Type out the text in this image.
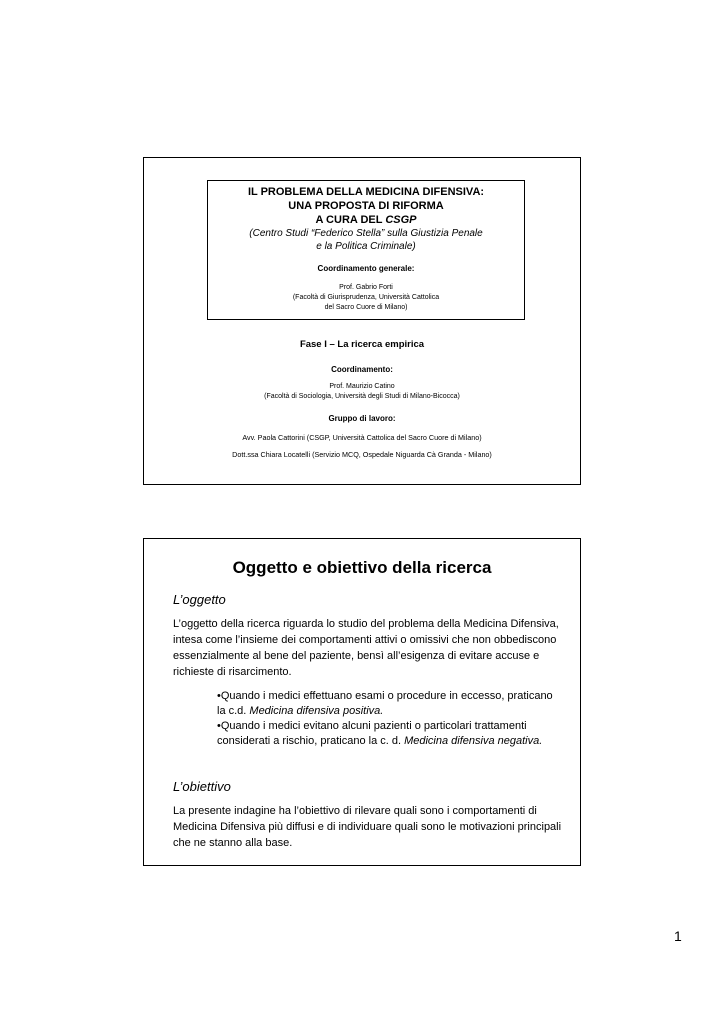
IL PROBLEMA DELLA MEDICINA DIFENSIVA:
UNA PROPOSTA DI RIFORMA
A CURA DEL CSGP
(Centro Studi “Federico Stella” sulla Giustizia Penale
e la Politica Criminale)
Coordinamento generale:
Prof. Gabrio Forti
(Facoltà di Giurisprudenza, Università Cattolica
del Sacro Cuore di Milano)
Fase I – La ricerca empirica
Coordinamento:
Prof. Maurizio Catino
(Facoltà di Sociologia, Università degli Studi di Milano-Bicocca)
Gruppo di lavoro:
Avv. Paola Cattorini (CSGP, Università Cattolica del Sacro Cuore di Milano)
Dott.ssa Chiara Locatelli (Servizio MCQ, Ospedale Niguarda Cà Granda - Milano)
Oggetto e obiettivo della ricerca
L’oggetto
L’oggetto della ricerca riguarda lo studio del problema della Medicina Difensiva, intesa come l’insieme dei comportamenti attivi o omissivi che non obbediscono essenzialmente al bene del paziente, bensì all’esigenza di evitare accuse e richieste di risarcimento.
•Quando i medici effettuano esami o procedure in eccesso, praticano la c.d. Medicina difensiva positiva.
•Quando i medici evitano alcuni pazienti o particolari trattamenti considerati a rischio, praticano la c. d. Medicina difensiva negativa.
L’obiettivo
La presente indagine ha l’obiettivo di rilevare quali sono i comportamenti di Medicina Difensiva più diffusi e di individuare quali sono le motivazioni principali che ne stanno alla base.
1
